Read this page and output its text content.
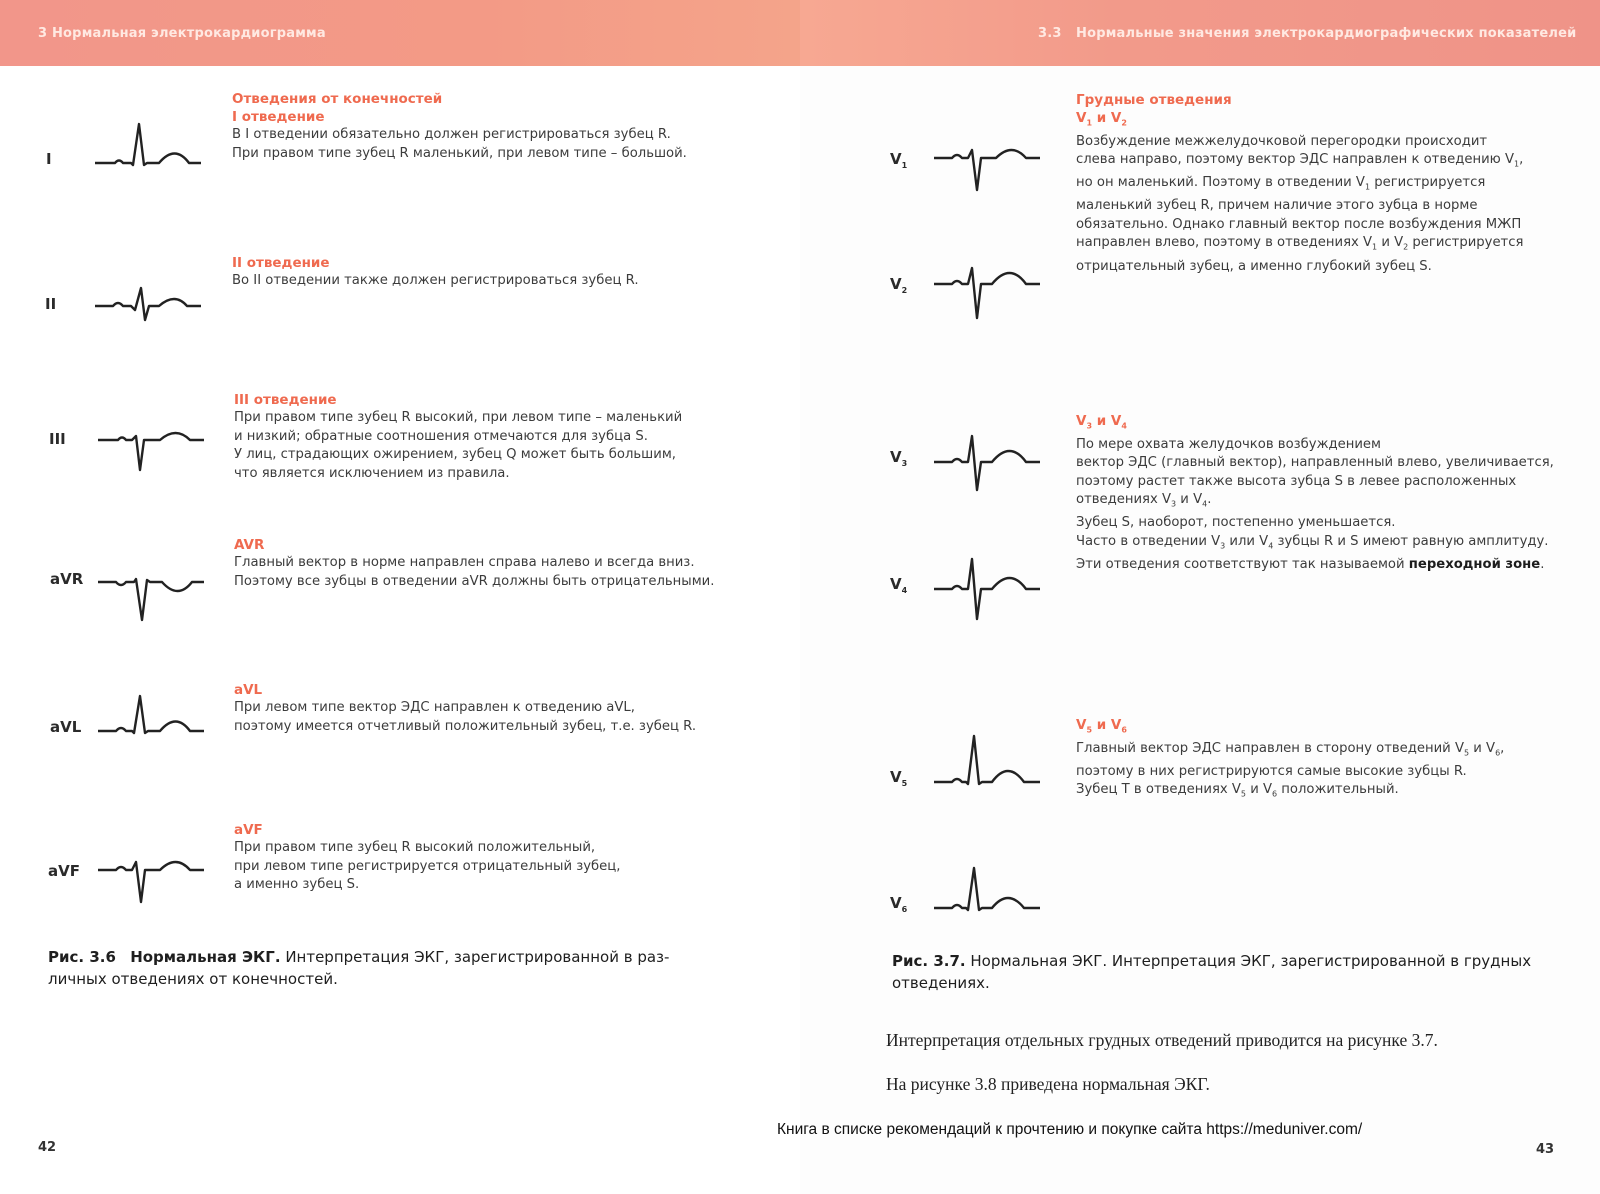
3 Нормальная электрокардиограмма
I

Отведения от конечностей

I отведение

В I отведении обязательно должен регистрироваться зубец R.

При правом типе зубец R маленький, при левом типе – большой.

II

II отведение

Во II отведении также должен регистрироваться зубец R.

III

III отведение

При правом типе зубец R высокий, при левом типе – маленький

и низкий; обратные соотношения отмечаются для зубца S.

У лиц, страдающих ожирением, зубец Q может быть большим,

что является исключением из правила.

aVR

AVR

Главный вектор в норме направлен справа налево и всегда вниз.

Поэтому все зубцы в отведении aVR должны быть отрицательными.

aVL

aVL

При левом типе вектор ЭДС направлен к отведению aVL,

поэтому имеется отчетливый положительный зубец, т.е. зубец R.

aVF

aVF

При правом типе зубец R высокий положительный,

при левом типе регистрируется отрицательный зубец,

а именно зубец S.

Рис. 3.6 Нормальная ЭКГ. Интерпретация ЭКГ, зарегистрированной в раз-
личных отведениях от конечностей.
42
3.3 Нормальные значения электрокардиографических показателей
$V_1$
$V_2$

Грудные отведения

$V_1$ и $V_2$

Возбуждение межжелудочковой перегородки происходит

слева направо, поэтому вектор ЭДС направлен к отведению $V_1$,

но он маленький. Поэтому в отведении $V_1$ регистрируется

маленький зубец R, причем наличие этого зубца в норме

обязательно. Однако главный вектор после возбуждения МЖП

направлен влево, поэтому в отведениях $V_1$ и $V_2$ регистрируется

отрицательный зубец, а именно глубокий зубец S.

$V_3$
$V_4$

$V_3$ и $V_4$

По мере охвата желудочков возбуждением

вектор ЭДС (главный вектор), направленный влево, увеличивается,

поэтому растет также высота зубца S в левее расположенных

отведениях $V_3$ и $V_4$.

Зубец S, наоборот, постепенно уменьшается.

Часто в отведении $V_3$ или $V_4$ зубцы R и S имеют равную амплитуду.

Эти отведения соответствуют так называемой переходной зоне.

$V_5$
$V_6$

$V_5$ и $V_6$

Главный вектор ЭДС направлен в сторону отведений $V_5$ и $V_6$,

поэтому в них регистрируются самые высокие зубцы R.

Зубец T в отведениях $V_5$ и $V_6$ положительный.

Рис. 3.7. Нормальная ЭКГ. Интерпретация ЭКГ, зарегистрированной в грудных
отведениях.
Интерпретация отдельных грудных отведений приводится на рисунке 3.7.
На рисунке 3.8 приведена нормальная ЭКГ.
43
Книга в списке рекомендаций к прочтению и покупке сайта https://meduniver.com/
